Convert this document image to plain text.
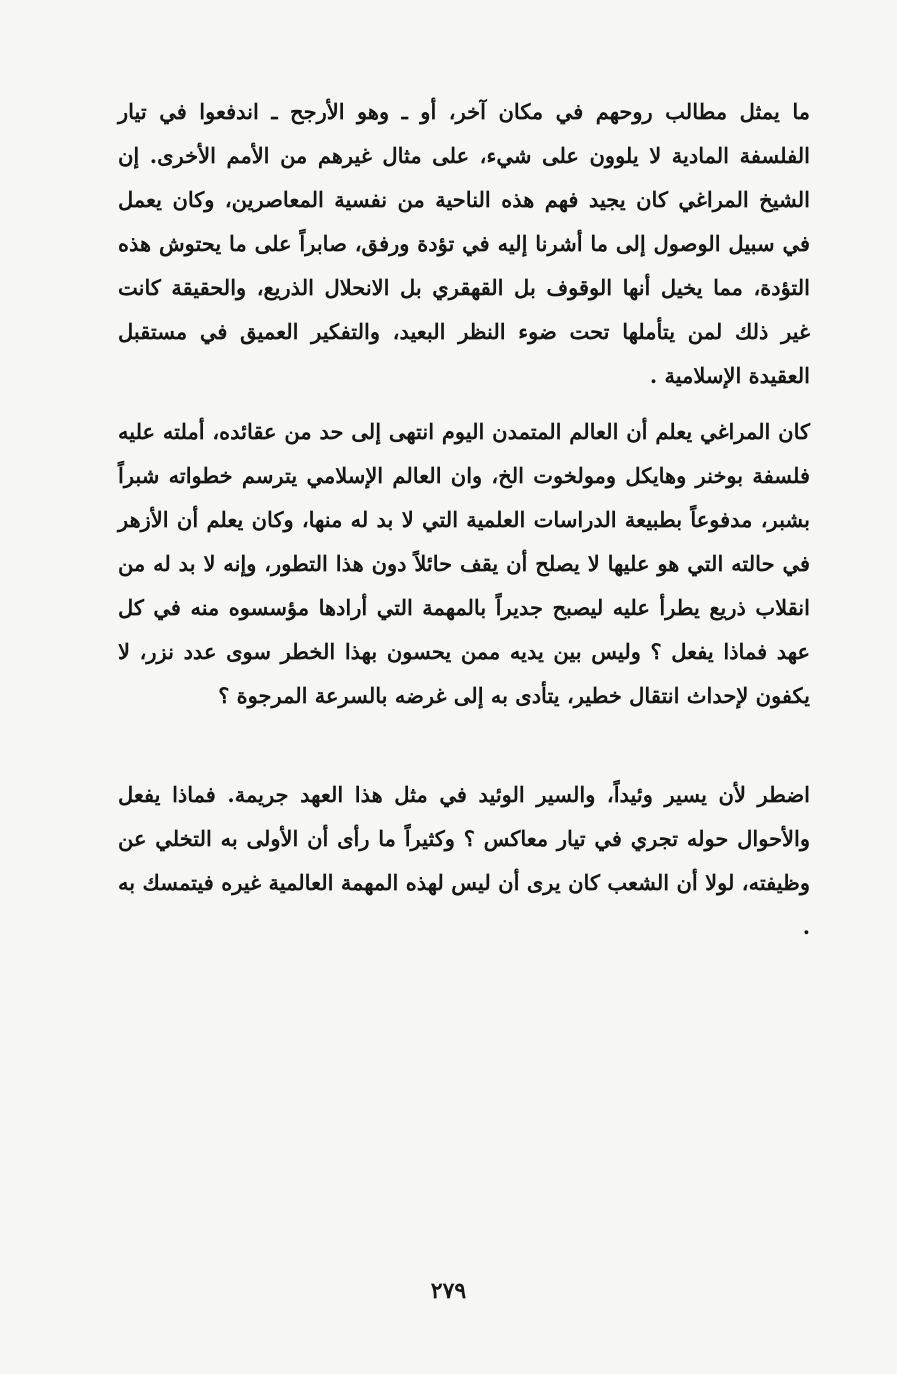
ما يمثل مطالب روحهم في مكان آخر، أو ـ وهو الأرجح ـ اندفعوا في تيار الفلسفة المادية لا يلوون على شيء، على مثال غيرهم من الأمم الأخرى. إن الشيخ المراغي كان يجيد فهم هذه الناحية من نفسية المعاصرين، وكان يعمل في سبيل الوصول إلى ما أشرنا إليه في تؤدة ورفق، صابراً على ما يحتوش هذه التؤدة، مما يخيل أنها الوقوف بل القهقري بل الانحلال الذريع، والحقيقة كانت غير ذلك لمن يتأملها تحت ضوء النظر البعيد، والتفكير العميق في مستقبل العقيدة الإسلامية .

كان المراغي يعلم أن العالم المتمدن اليوم انتهى إلى حد من عقائده، أملته عليه فلسفة بوخنر وهايكل ومولخوت الخ، وان العالم الإسلامي يترسم خطواته شبراً بشبر، مدفوعاً بطبيعة الدراسات العلمية التي لا بد له منها، وكان يعلم أن الأزهر في حالته التي هو عليها لا يصلح أن يقف حائلاً دون هذا التطور، وإنه لا بد له من انقلاب ذريع يطرأ عليه ليصبح جديراً بالمهمة التي أرادها مؤسسوه منه في كل عهد فماذا يفعل ؟ وليس بين يديه ممن يحسون بهذا الخطر سوى عدد نزر، لا يكفون لإحداث انتقال خطير، يتأدى به إلى غرضه بالسرعة المرجوة ؟

اضطر لأن يسير وئيداً، والسير الوئيد في مثل هذا العهد جريمة. فماذا يفعل والأحوال حوله تجري في تيار معاكس ؟ وكثيراً ما رأى أن الأولى به التخلي عن وظيفته، لولا أن الشعب كان يرى أن ليس لهذه المهمة العالمية غيره فيتمسك به .

٢٧٩
